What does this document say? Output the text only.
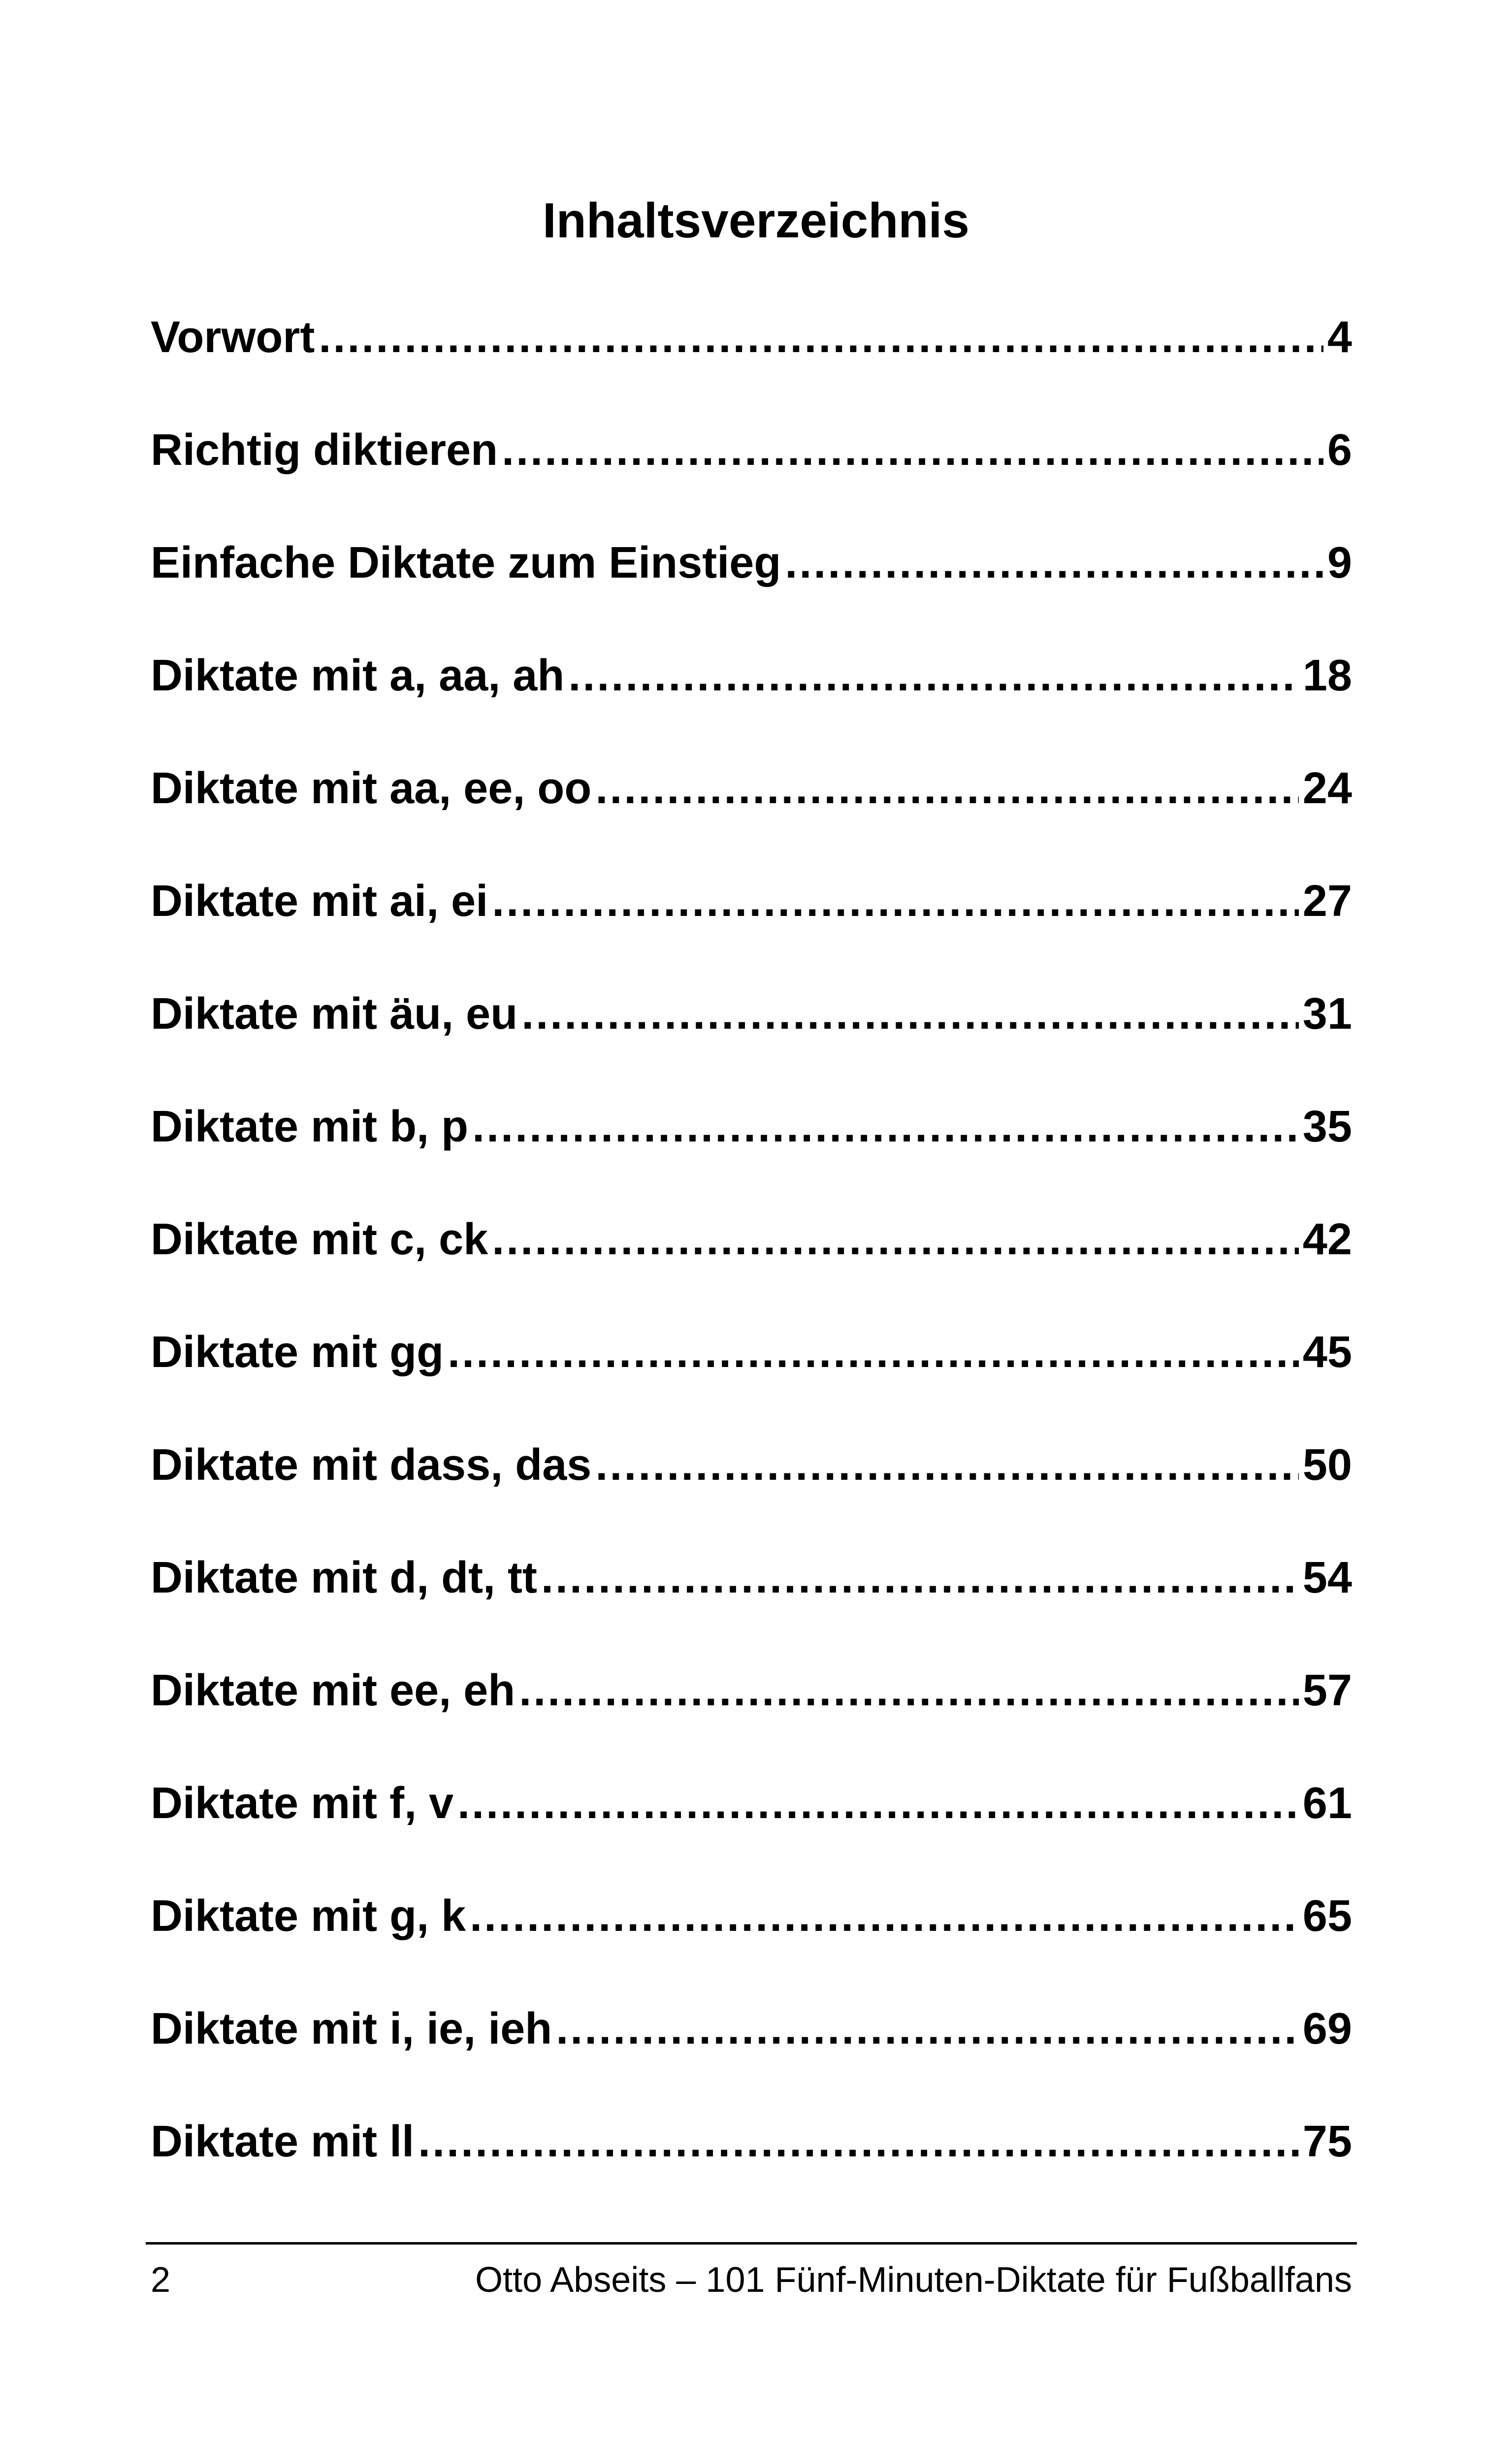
Inhaltsverzeichnis
Vorwort .....	4
Richtig diktieren .....	6
Einfache Diktate zum Einstieg .....	9
Diktate mit a, aa, ah .....	18
Diktate mit aa, ee, oo .....	24
Diktate mit ai, ei .....	27
Diktate mit äu, eu .....	31
Diktate mit b, p .....	35
Diktate mit c, ck .....	42
Diktate mit gg .....	45
Diktate mit dass, das .....	50
Diktate mit d, dt, tt .....	54
Diktate mit ee, eh .....	57
Diktate mit f, v .....	61
Diktate mit g, k .....	65
Diktate mit i, ie, ieh .....	69
Diktate mit ll .....	75
2	Otto Abseits – 101 Fünf-Minuten-Diktate für Fußballfans
